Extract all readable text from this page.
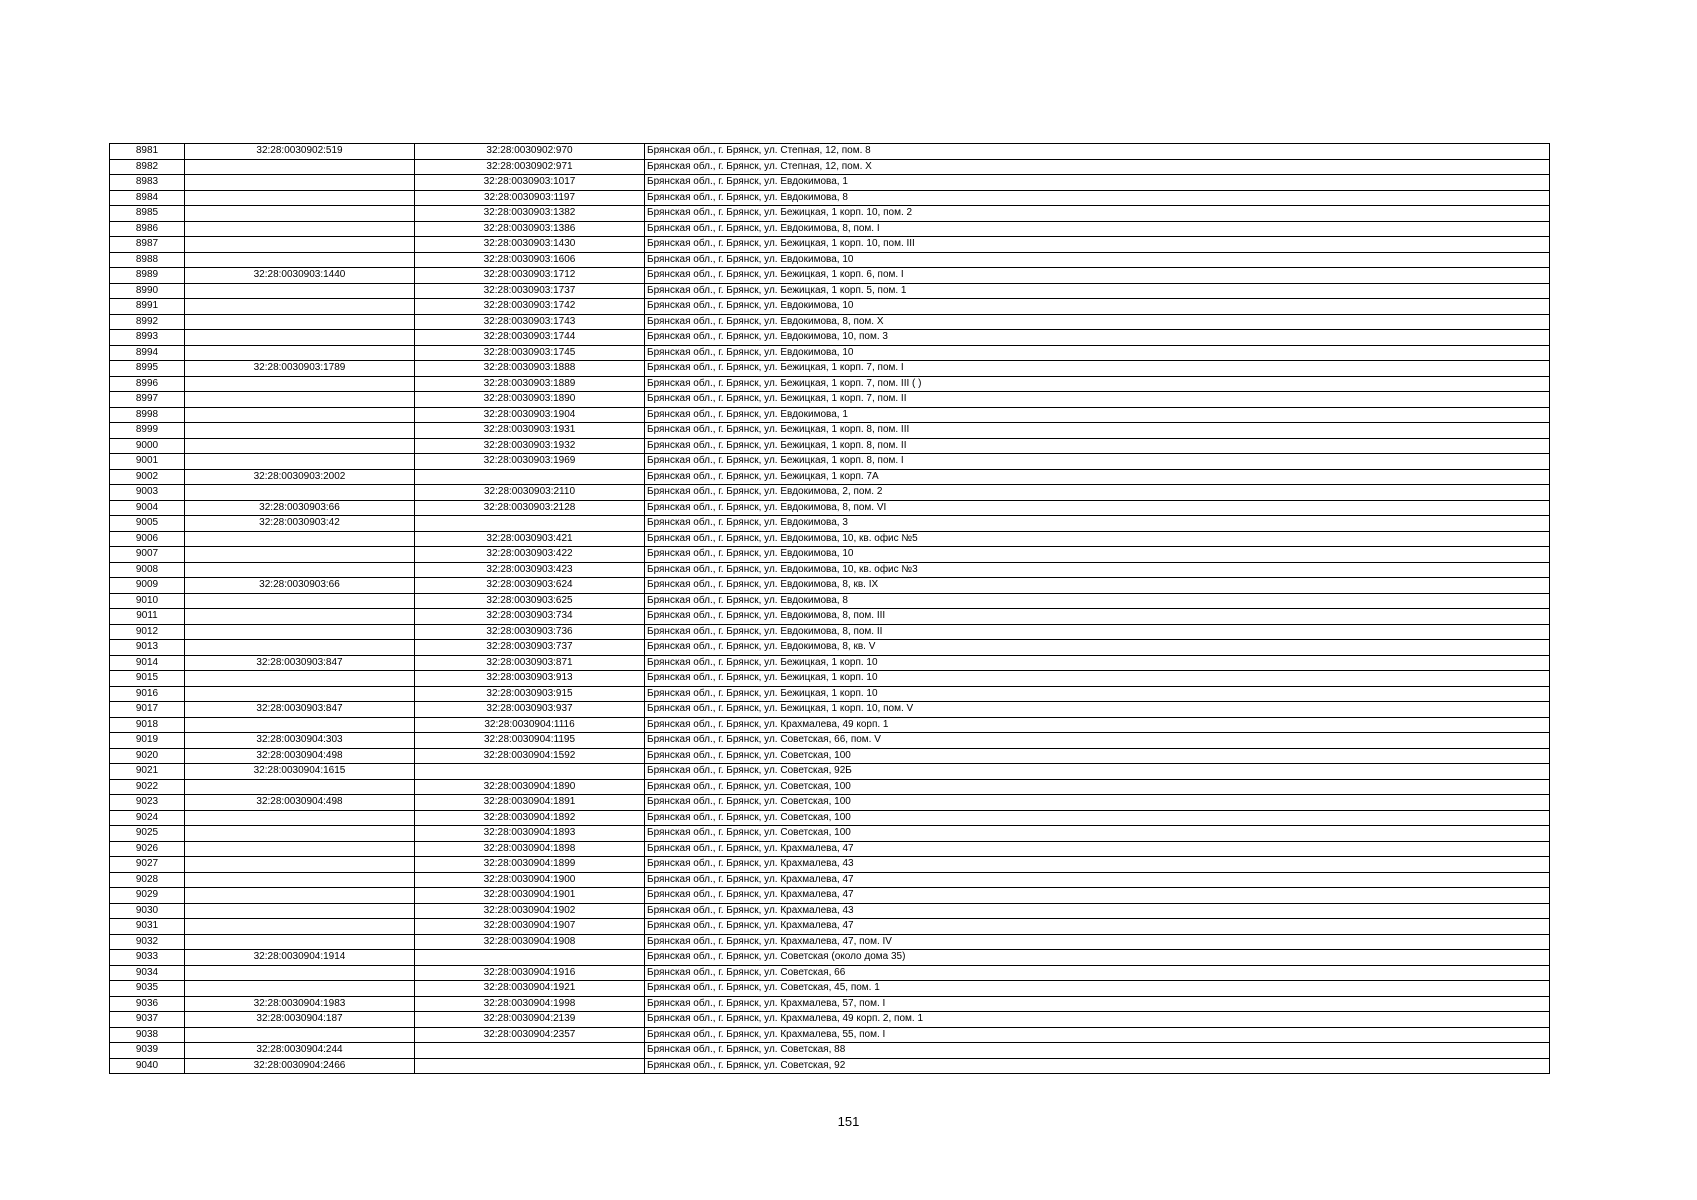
8981	32:28:0030902:519	32:28:0030902:970	Брянская обл., г. Брянск, ул. Степная, 12, пом. 8
8982		32:28:0030902:971	Брянская обл., г. Брянск, ул. Степная, 12, пом. Х
8983		32:28:0030903:1017	Брянская обл., г. Брянск, ул. Евдокимова, 1
8984		32:28:0030903:1197	Брянская обл., г. Брянск, ул. Евдокимова, 8
8985		32:28:0030903:1382	Брянская обл., г. Брянск, ул. Бежицкая, 1 корп. 10, пом. 2
8986		32:28:0030903:1386	Брянская обл., г. Брянск, ул. Евдокимова, 8, пом. I
8987		32:28:0030903:1430	Брянская обл., г. Брянск, ул. Бежицкая, 1 корп. 10, пом. III
8988		32:28:0030903:1606	Брянская обл., г. Брянск, ул. Евдокимова, 10
8989	32:28:0030903:1440	32:28:0030903:1712	Брянская обл., г. Брянск, ул. Бежицкая, 1 корп. 6, пом. I
8990		32:28:0030903:1737	Брянская обл., г. Брянск, ул. Бежицкая, 1 корп. 5, пом. 1
8991		32:28:0030903:1742	Брянская обл., г. Брянск, ул. Евдокимова, 10
8992		32:28:0030903:1743	Брянская обл., г. Брянск, ул. Евдокимова, 8, пом. X
8993		32:28:0030903:1744	Брянская обл., г. Брянск, ул. Евдокимова, 10, пом. 3
8994		32:28:0030903:1745	Брянская обл., г. Брянск, ул. Евдокимова, 10
8995	32:28:0030903:1789	32:28:0030903:1888	Брянская обл., г. Брянск, ул. Бежицкая, 1 корп. 7, пом. I
8996		32:28:0030903:1889	Брянская обл., г. Брянск, ул. Бежицкая, 1 корп. 7, пом. III ( )
8997		32:28:0030903:1890	Брянская обл., г. Брянск, ул. Бежицкая, 1 корп. 7, пом. II
8998		32:28:0030903:1904	Брянская обл., г. Брянск, ул. Евдокимова, 1
8999		32:28:0030903:1931	Брянская обл., г. Брянск, ул. Бежицкая, 1 корп. 8, пом. III
9000		32:28:0030903:1932	Брянская обл., г. Брянск, ул. Бежицкая, 1 корп. 8, пом. II
9001		32:28:0030903:1969	Брянская обл., г. Брянск, ул. Бежицкая, 1 корп. 8, пом. I
9002	32:28:0030903:2002		Брянская обл., г. Брянск, ул. Бежицкая, 1 корп. 7А
9003		32:28:0030903:2110	Брянская обл., г. Брянск, ул. Евдокимова, 2, пом. 2
9004	32:28:0030903:66	32:28:0030903:2128	Брянская обл., г. Брянск, ул. Евдокимова, 8, пом. VI
9005	32:28:0030903:42		Брянская обл., г. Брянск, ул. Евдокимова, 3
9006		32:28:0030903:421	Брянская обл., г. Брянск, ул. Евдокимова, 10, кв. офис №5
9007		32:28:0030903:422	Брянская обл., г. Брянск, ул. Евдокимова, 10
9008		32:28:0030903:423	Брянская обл., г. Брянск, ул. Евдокимова, 10, кв. офис №3
9009	32:28:0030903:66	32:28:0030903:624	Брянская обл., г. Брянск, ул. Евдокимова, 8, кв. IX
9010		32:28:0030903:625	Брянская обл., г. Брянск, ул. Евдокимова, 8
9011		32:28:0030903:734	Брянская обл., г. Брянск, ул. Евдокимова, 8, пом. III
9012		32:28:0030903:736	Брянская обл., г. Брянск, ул. Евдокимова, 8, пом. II
9013		32:28:0030903:737	Брянская обл., г. Брянск, ул. Евдокимова, 8, кв. V
9014	32:28:0030903:847	32:28:0030903:871	Брянская обл., г. Брянск, ул. Бежицкая, 1 корп. 10
9015		32:28:0030903:913	Брянская обл., г. Брянск, ул. Бежицкая, 1 корп. 10
9016		32:28:0030903:915	Брянская обл., г. Брянск, ул. Бежицкая, 1 корп. 10
9017	32:28:0030903:847	32:28:0030903:937	Брянская обл., г. Брянск, ул. Бежицкая, 1 корп. 10, пом. V
9018		32:28:0030904:1116	Брянская обл., г. Брянск, ул. Крахмалева, 49 корп. 1
9019	32:28:0030904:303	32:28:0030904:1195	Брянская обл., г. Брянск, ул. Советская, 66, пом. V
9020	32:28:0030904:498	32:28:0030904:1592	Брянская обл., г. Брянск, ул. Советская, 100
9021	32:28:0030904:1615		Брянская обл., г. Брянск, ул. Советская, 92Б
9022		32:28:0030904:1890	Брянская обл., г. Брянск, ул. Советская, 100
9023	32:28:0030904:498	32:28:0030904:1891	Брянская обл., г. Брянск, ул. Советская, 100
9024		32:28:0030904:1892	Брянская обл., г. Брянск, ул. Советская, 100
9025		32:28:0030904:1893	Брянская обл., г. Брянск, ул. Советская, 100
9026		32:28:0030904:1898	Брянская обл., г. Брянск, ул. Крахмалева, 47
9027		32:28:0030904:1899	Брянская обл., г. Брянск, ул. Крахмалева, 43
9028		32:28:0030904:1900	Брянская обл., г. Брянск, ул. Крахмалева, 47
9029		32:28:0030904:1901	Брянская обл., г. Брянск, ул. Крахмалева, 47
9030		32:28:0030904:1902	Брянская обл., г. Брянск, ул. Крахмалева, 43
9031		32:28:0030904:1907	Брянская обл., г. Брянск, ул. Крахмалева, 47
9032		32:28:0030904:1908	Брянская обл., г. Брянск, ул. Крахмалева, 47, пом. IV
9033	32:28:0030904:1914		Брянская обл., г. Брянск, ул. Советская (около дома 35)
9034		32:28:0030904:1916	Брянская обл., г. Брянск, ул. Советская, 66
9035		32:28:0030904:1921	Брянская обл., г. Брянск, ул. Советская, 45, пом. 1
9036	32:28:0030904:1983	32:28:0030904:1998	Брянская обл., г. Брянск, ул. Крахмалева, 57, пом. I
9037	32:28:0030904:187	32:28:0030904:2139	Брянская обл., г. Брянск, ул. Крахмалева, 49 корп. 2, пом. 1
9038		32:28:0030904:2357	Брянская обл., г. Брянск, ул. Крахмалева, 55, пом. I
9039	32:28:0030904:244		Брянская обл., г. Брянск, ул. Советская, 88
9040	32:28:0030904:2466		Брянская обл., г. Брянск, ул. Советская, 92
151
